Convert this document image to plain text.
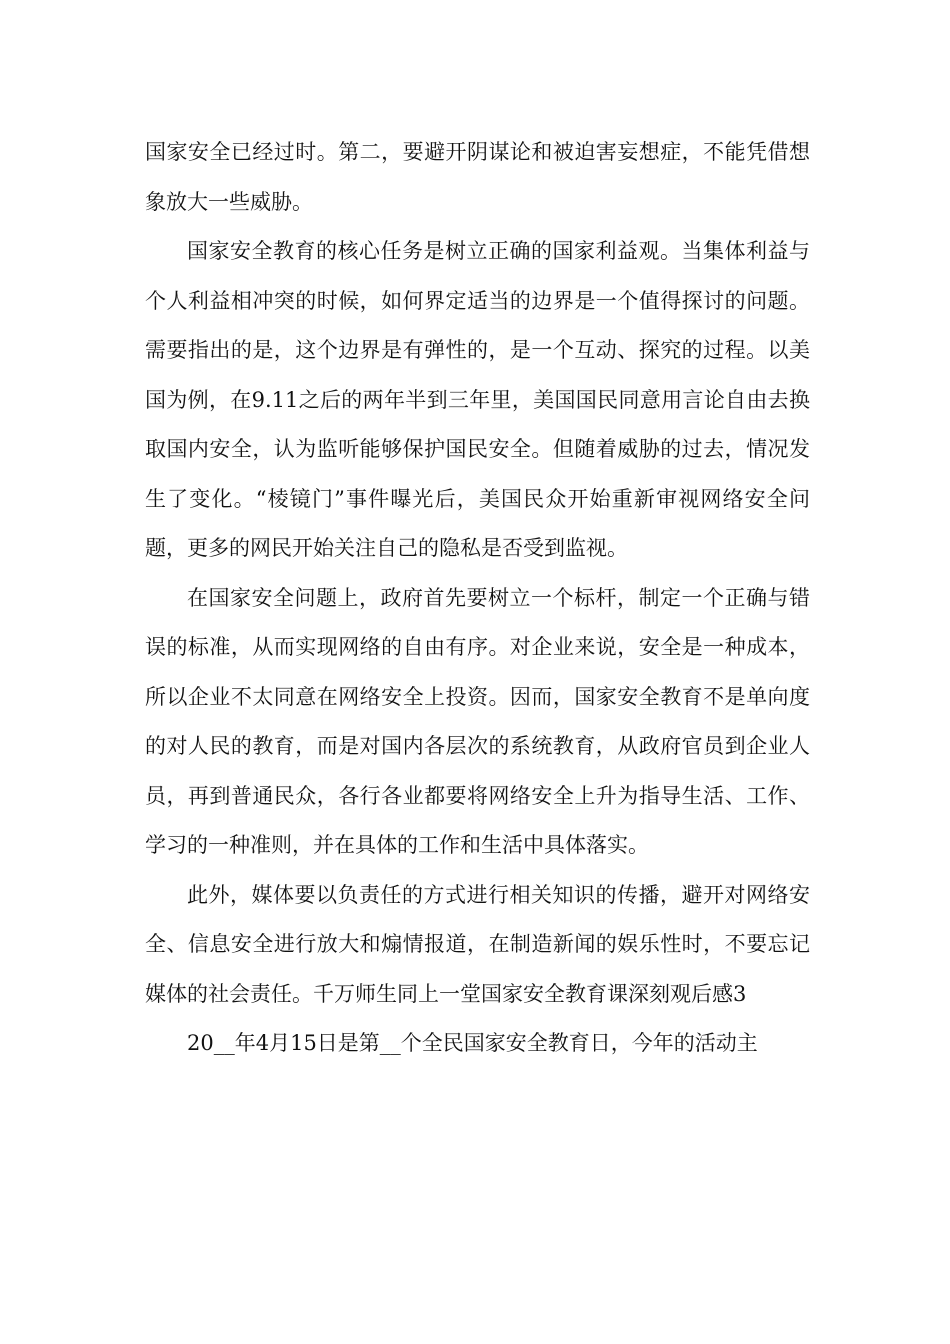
国家安全已经过时。第二，要避开阴谋论和被迫害妄想症，不能凭借想象放大一些威胁。

国家安全教育的核心任务是树立正确的国家利益观。当集体利益与个人利益相冲突的时候，如何界定适当的边界是一个值得探讨的问题。需要指出的是，这个边界是有弹性的，是一个互动、探究的过程。以美国为例，在9.11之后的两年半到三年里，美国国民同意用言论自由去换取国内安全，认为监听能够保护国民安全。但随着威胁的过去，情况发生了变化。“棱镜门”事件曝光后，美国民众开始重新审视网络安全问题，更多的网民开始关注自己的隐私是否受到监视。

在国家安全问题上，政府首先要树立一个标杆，制定一个正确与错误的标准，从而实现网络的自由有序。对企业来说，安全是一种成本，所以企业不太同意在网络安全上投资。因而，国家安全教育不是单向度的对人民的教育，而是对国内各层次的系统教育，从政府官员到企业人员，再到普通民众，各行各业都要将网络安全上升为指导生活、工作、学习的一种准则，并在具体的工作和生活中具体落实。

此外，媒体要以负责任的方式进行相关知识的传播，避开对网络安全、信息安全进行放大和煽情报道，在制造新闻的娱乐性时，不要忘记媒体的社会责任。千万师生同上一堂国家安全教育课深刻观后感3

20__年4月15日是第__个全民国家安全教育日，今年的活动主
